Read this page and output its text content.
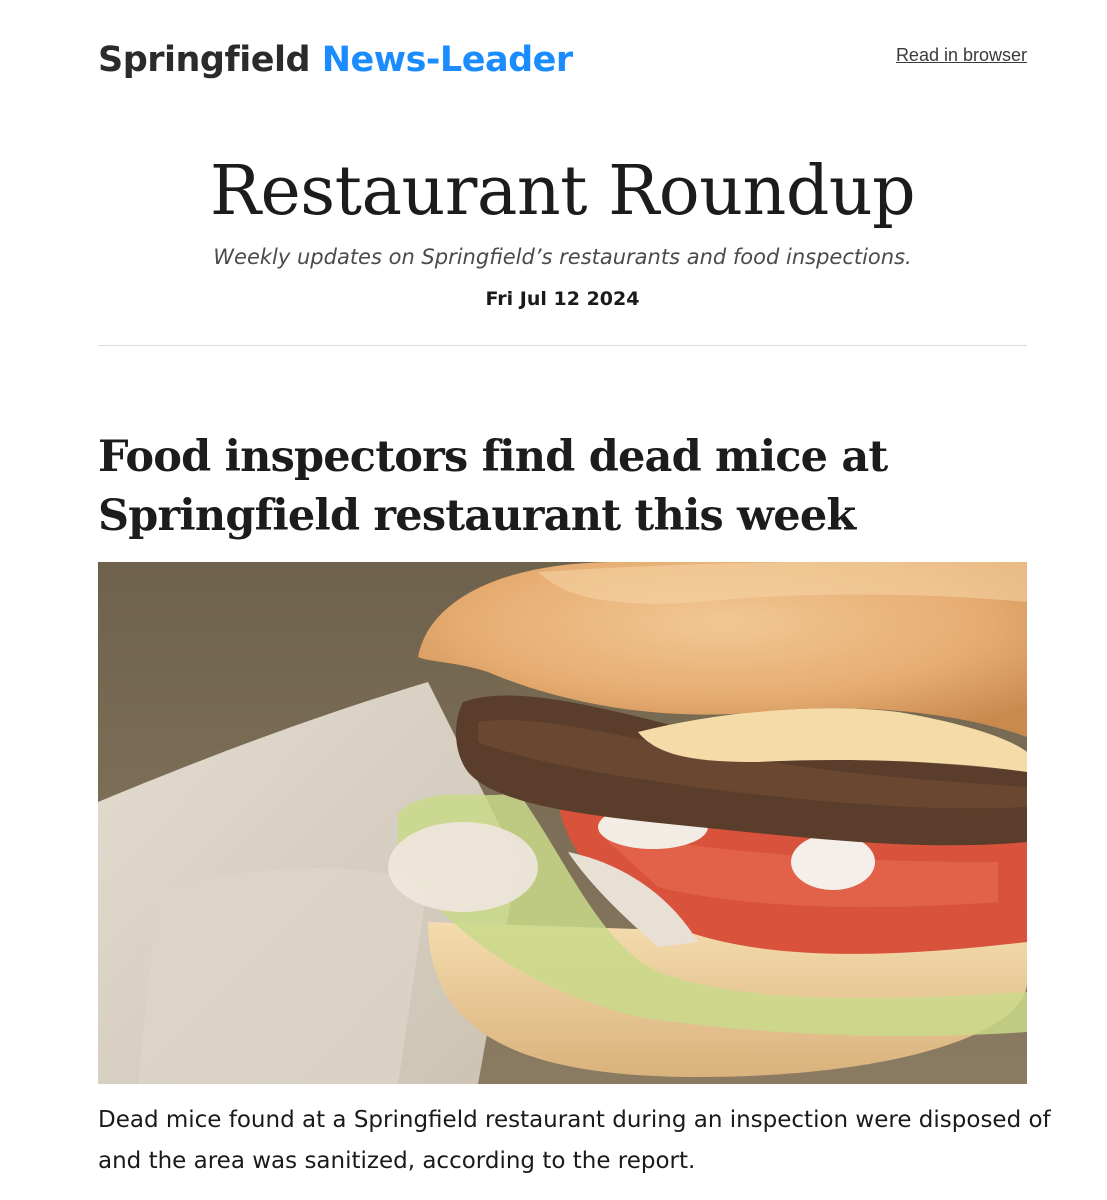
Springfield News-Leader	Read in browser
Restaurant Roundup
Weekly updates on Springfield’s restaurants and food inspections.
Fri Jul 12 2024
Food inspectors find dead mice at Springfield restaurant this week

Dead mice found at a Springfield restaurant during an inspection were disposed of and the area was sanitized, according to the report.
